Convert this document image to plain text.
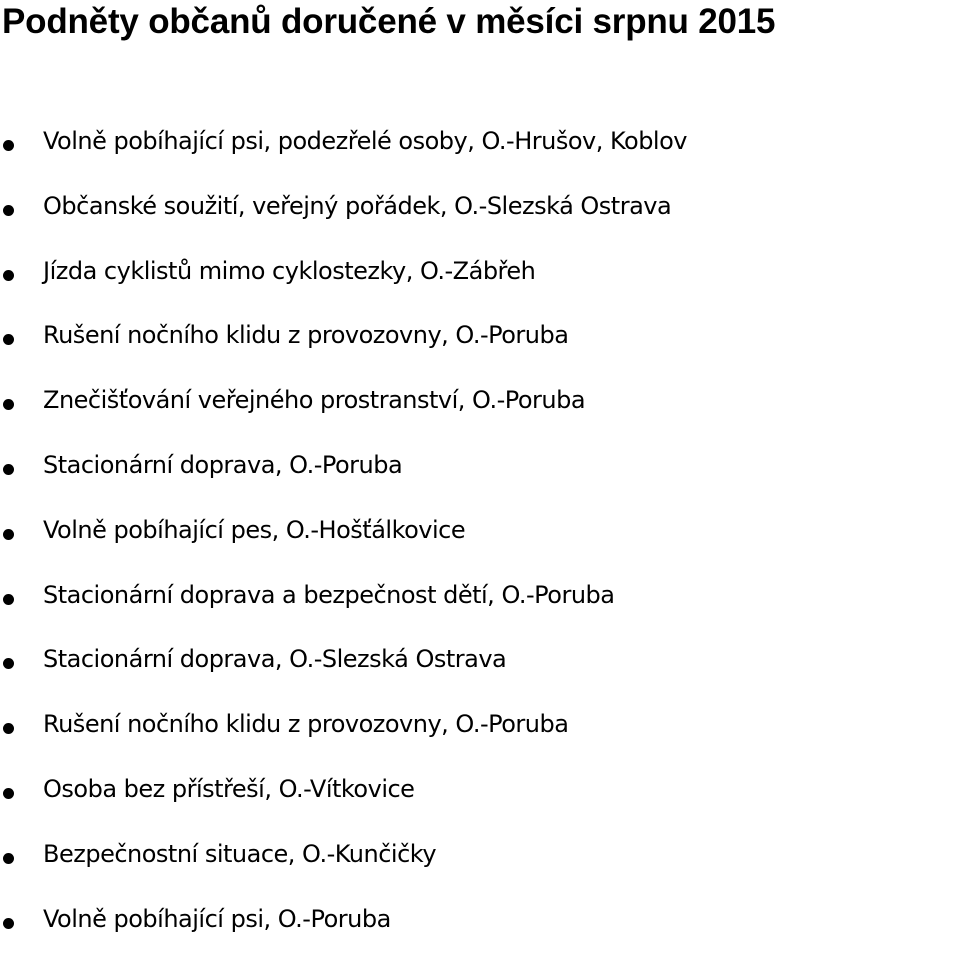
Podněty občanů doručené v měsíci srpnu 2015
Volně pobíhající psi, podezřelé osoby, O.-Hrušov, Koblov
Občanské soužití, veřejný pořádek, O.-Slezská Ostrava
Jízda cyklistů mimo cyklostezky, O.-Zábřeh
Rušení nočního klidu z provozovny, O.-Poruba
Znečišťování veřejného prostranství, O.-Poruba
Stacionární doprava, O.-Poruba
Volně pobíhající pes, O.-Hošťálkovice
Stacionární doprava a bezpečnost dětí, O.-Poruba
Stacionární doprava, O.-Slezská Ostrava
Rušení nočního klidu z provozovny, O.-Poruba
Osoba bez přístřeší, O.-Vítkovice
Bezpečnostní situace, O.-Kunčičky
Volně pobíhající psi, O.-Poruba
